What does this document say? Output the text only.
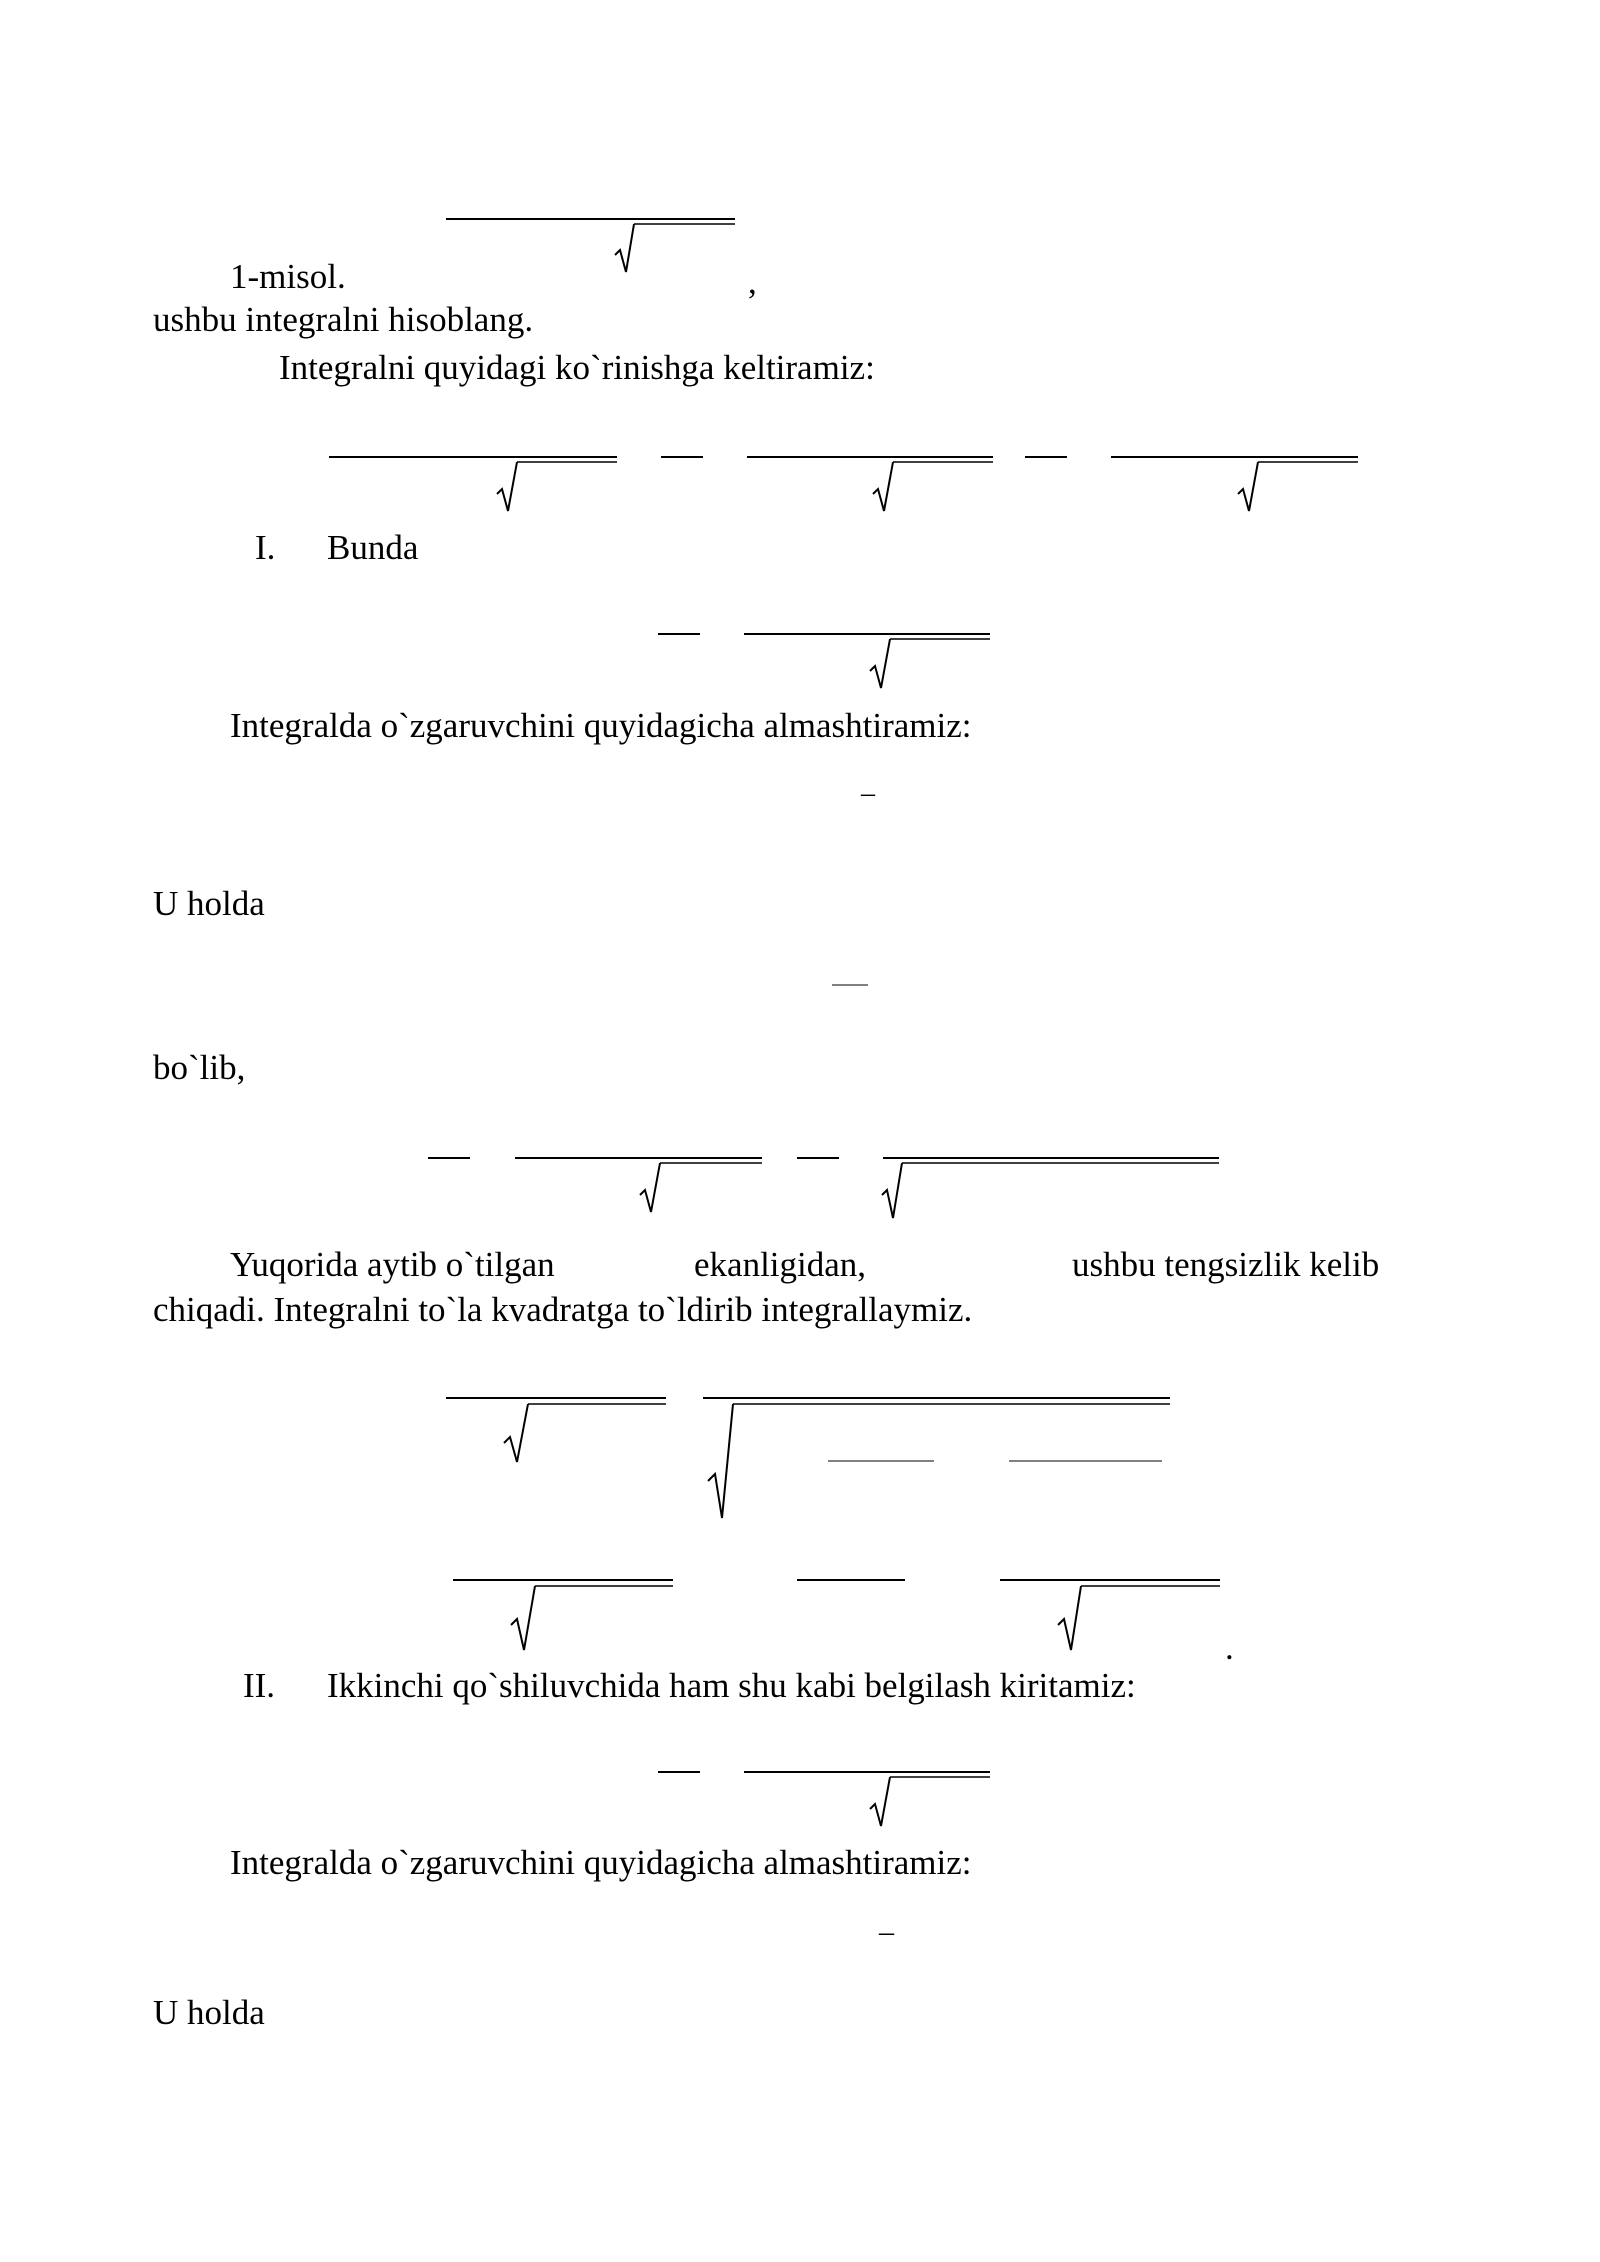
1-misol.	,
ushbu integralni hisoblang.
Integralni quyidagi ko`rinishga keltiramiz:
I. Bunda
Integralda o`zgaruvchini quyidagicha almashtiramiz:
–
U holda
bo`lib,
Yuqorida aytib o`tilgan	ekanligidan,	ushbu tengsizlik kelib
chiqadi. Integralni to`la kvadratga to`ldirib integrallaymiz.
.
II. Ikkinchi qo`shiluvchida ham shu kabi belgilash kiritamiz:
Integralda o`zgaruvchini quyidagicha almashtiramiz:
–
U holda
